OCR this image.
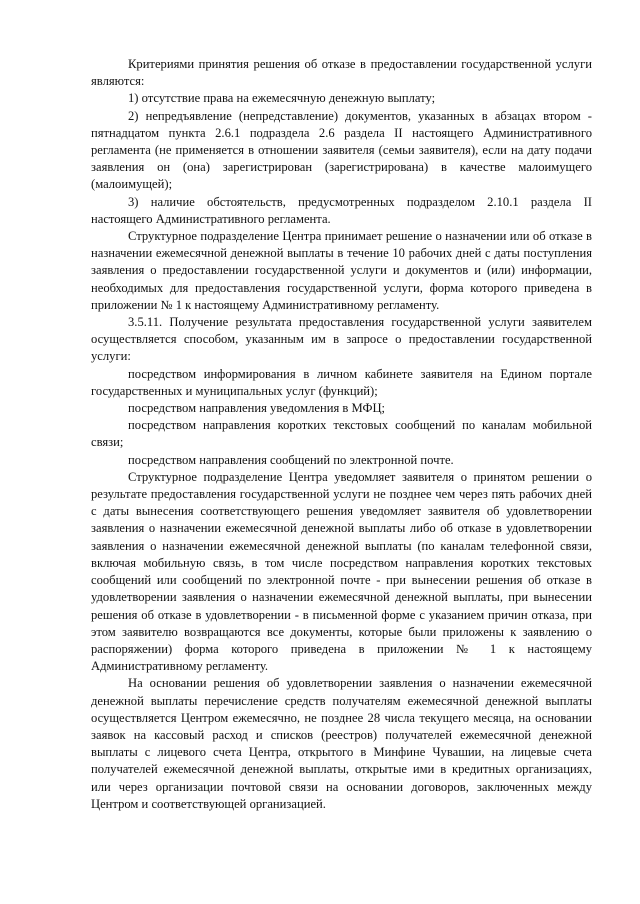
Критериями принятия решения об отказе в предоставлении государственной услуги являются:

1) отсутствие права на ежемесячную денежную выплату;

2) непредъявление (непредставление) документов, указанных в абзацах втором - пятнадцатом пункта 2.6.1 подраздела 2.6 раздела II настоящего Административного регламента (не применяется в отношении заявителя (семьи заявителя), если на дату подачи заявления он (она) зарегистрирован (зарегистрирована) в качестве малоимущего (малоимущей);

3) наличие обстоятельств, предусмотренных подразделом 2.10.1 раздела II настоящего Административного регламента.

Структурное подразделение Центра принимает решение о назначении или об отказе в назначении ежемесячной денежной выплаты в течение 10 рабочих дней с даты поступления заявления о предоставлении государственной услуги и документов и (или) информации, необходимых для предоставления государственной услуги, форма которого приведена в приложении № 1 к настоящему Административному регламенту.

3.5.11. Получение результата предоставления государственной услуги заявителем осуществляется способом, указанным им в запросе о предоставлении государственной услуги:

посредством информирования в личном кабинете заявителя на Едином портале государственных и муниципальных услуг (функций);

посредством направления уведомления в МФЦ;

посредством направления коротких текстовых сообщений по каналам мобильной связи;

посредством направления сообщений по электронной почте.

Структурное подразделение Центра уведомляет заявителя о принятом решении о результате предоставления государственной услуги не позднее чем через пять рабочих дней с даты вынесения соответствующего решения уведомляет заявителя об удовлетворении заявления о назначении ежемесячной денежной выплаты либо об отказе в удовлетворении заявления о назначении ежемесячной денежной выплаты (по каналам телефонной связи, включая мобильную связь, в том числе посредством направления коротких текстовых сообщений или сообщений по электронной почте - при вынесении решения об отказе в удовлетворении заявления о назначении ежемесячной денежной выплаты, при вынесении решения об отказе в удовлетворении - в письменной форме с указанием причин отказа, при этом заявителю возвращаются все документы, которые были приложены к заявлению о распоряжении) форма которого приведена в приложении № 1 к настоящему Административному регламенту.

На основании решения об удовлетворении заявления о назначении ежемесячной денежной выплаты перечисление средств получателям ежемесячной денежной выплаты осуществляется Центром ежемесячно, не позднее 28 числа текущего месяца, на основании заявок на кассовый расход и списков (реестров) получателей ежемесячной денежной выплаты с лицевого счета Центра, открытого в Минфине Чувашии, на лицевые счета получателей ежемесячной денежной выплаты, открытые ими в кредитных организациях, или через организации почтовой связи на основании договоров, заключенных между Центром и соответствующей организацией.
